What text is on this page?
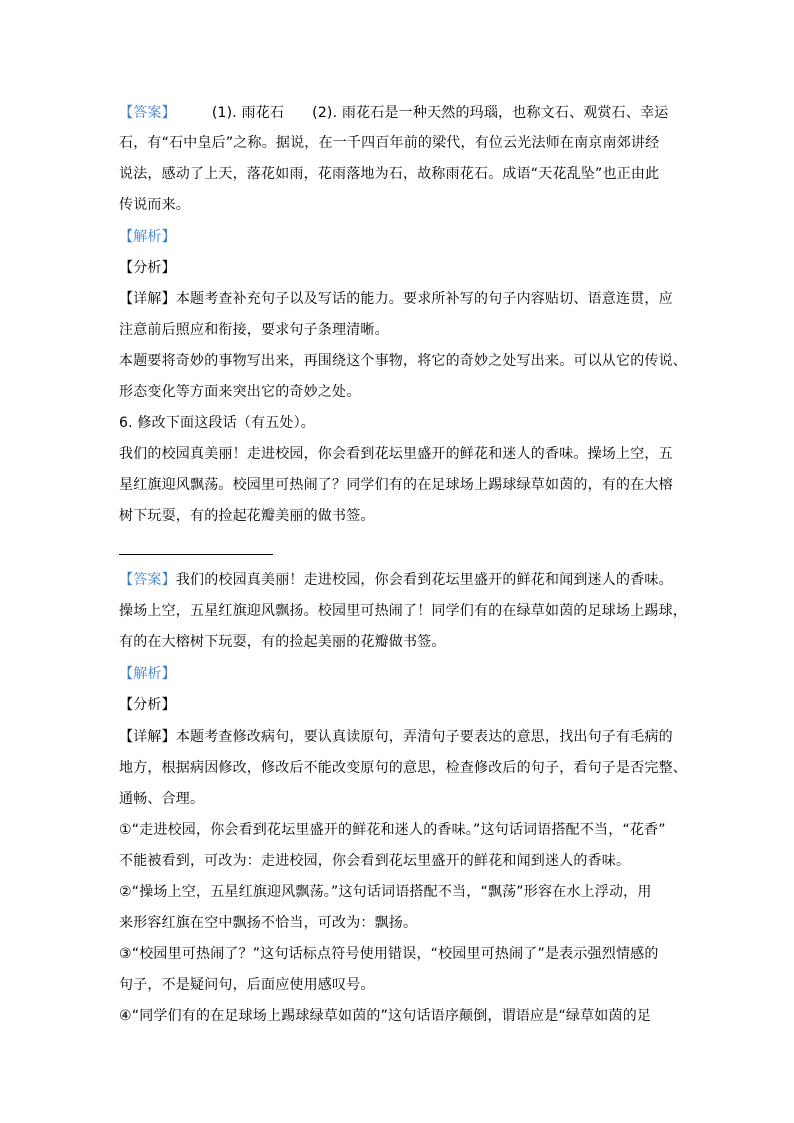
【答案】	(1). 雨花石 (2). 雨花石是一种天然的玛瑙，也称文石、观赏石、幸运
石，有“石中皇后”之称。据说，在一千四百年前的梁代，有位云光法师在南京南郊讲经
说法，感动了上天，落花如雨，花雨落地为石，故称雨花石。成语“天花乱坠”也正由此
传说而来。
【解析】
【分析】
【详解】本题考查补充句子以及写话的能力。要求所补写的句子内容贴切、语意连贯，应
注意前后照应和衔接，要求句子条理清晰。
本题要将奇妙的事物写出来，再围绕这个事物，将它的奇妙之处写出来。可以从它的传说、
形态变化等方面来突出它的奇妙之处。
6. 修改下面这段话（有五处）。
我们的校园真美丽！走进校园，你会看到花坛里盛开的鲜花和迷人的香味。操场上空，五
星红旗迎风飘荡。校园里可热闹了？同学们有的在足球场上踢球绿草如茵的，有的在大榕
树下玩耍，有的捡起花瓣美丽的做书签。
【答案】我们的校园真美丽！走进校园，你会看到花坛里盛开的鲜花和闻到迷人的香味。
操场上空，五星红旗迎风飘扬。校园里可热闹了！同学们有的在绿草如茵的足球场上踢球，
有的在大榕树下玩耍，有的捡起美丽的花瓣做书签。
【解析】
【分析】
【详解】本题考查修改病句，要认真读原句，弄清句子要表达的意思，找出句子有毛病的
地方，根据病因修改，修改后不能改变原句的意思，检查修改后的句子，看句子是否完整、
通畅、合理。
①“走进校园，你会看到花坛里盛开的鲜花和迷人的香味。”这句话词语搭配不当，“花香”
不能被看到，可改为：走进校园，你会看到花坛里盛开的鲜花和闻到迷人的香味。
②“操场上空，五星红旗迎风飘荡。”这句话词语搭配不当，“飘荡”形容在水上浮动，用
来形容红旗在空中飘扬不恰当，可改为：飘扬。
③“校园里可热闹了？”这句话标点符号使用错误，“校园里可热闹了”是表示强烈情感的
句子，不是疑问句，后面应使用感叹号。
④“同学们有的在足球场上踢球绿草如茵的”这句话语序颠倒，谓语应是“绿草如茵的足
